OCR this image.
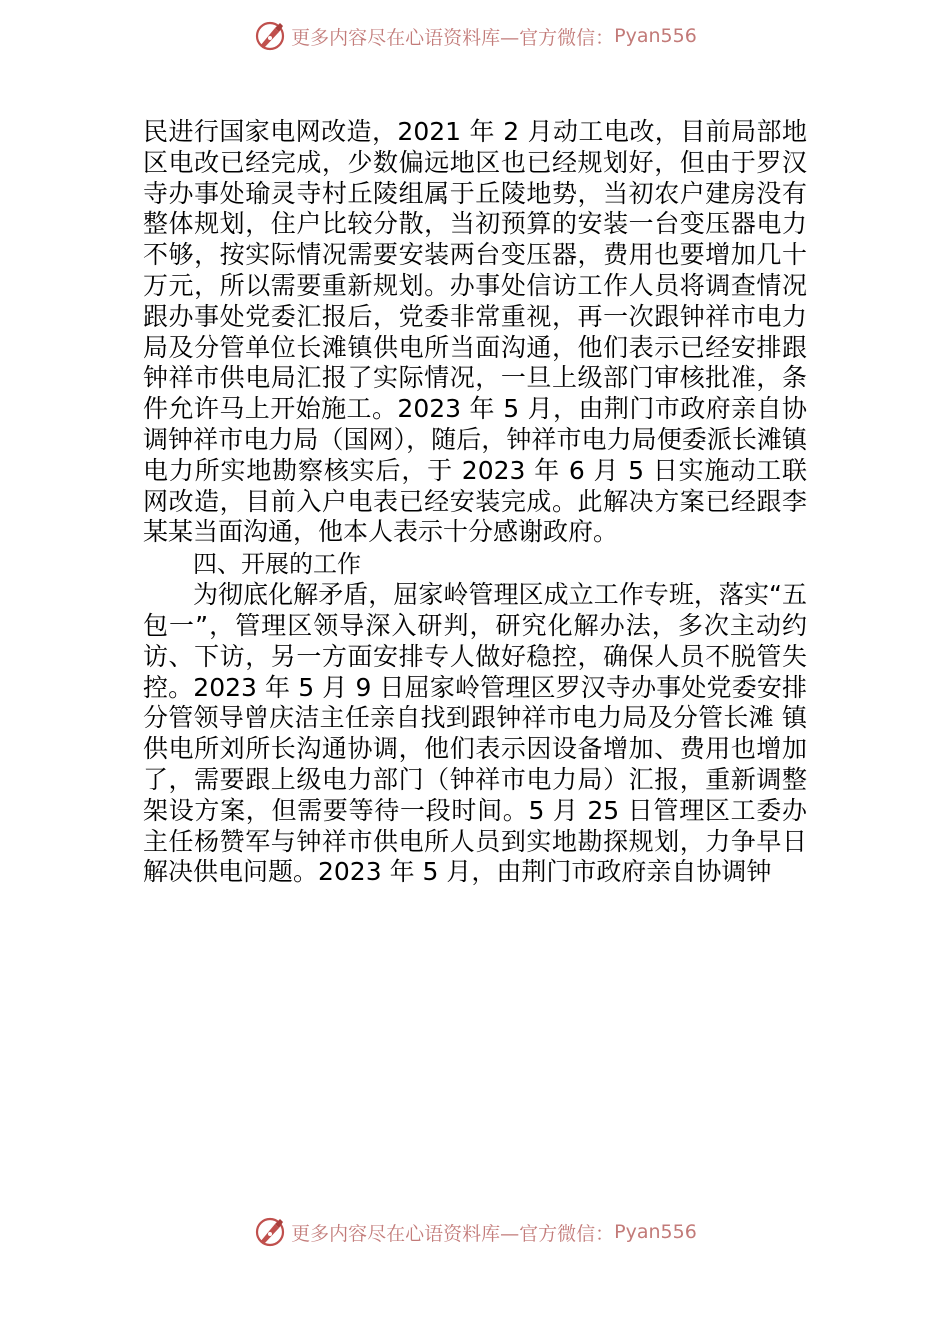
更多内容尽在心语资料库—官方微信： Pyan556

民进行国家电网改造，2021 年 2 月动工电改，目前局部地区电改已经完成，少数偏远地区也已经规划好，但由于罗汉寺办事处瑜灵寺村丘陵组属于丘陵地势，当初农户建房没有整体规划，住户比较分散，当初预算的安装一台变压器电力不够，按实际情况需要安装两台变压器，费用也要增加几十万元，所以需要重新规划。办事处信访工作人员将调查情况跟办事处党委汇报后，党委非常重视，再一次跟钟祥市电力局及分管单位长滩镇供电所当面沟通，他们表示已经安排跟钟祥市供电局汇报了实际情况，一旦上级部门审核批准，条件允许马上开始施工。2023 年 5 月，由荆门市政府亲自协调钟祥市电力局（国网），随后，钟祥市电力局便委派长滩镇电力所实地勘察核实后，于 2023 年 6 月 5 日实施动工联网改造，目前入户电表已经安装完成。此解决方案已经跟李某某当面沟通，他本人表示十分感谢政府。

四、开展的工作

为彻底化解矛盾，屈家岭管理区成立工作专班，落实“五包一”，管理区领导深入研判，研究化解办法，多次主动约访、下访，另一方面安排专人做好稳控，确保人员不脱管失控。2023 年 5 月 9 日屈家岭管理区罗汉寺办事处党委安排分管领导曾庆洁主任亲自找到跟钟祥市电力局及分管长滩 镇供电所刘所长沟通协调，他们表示因设备增加、费用也增加了，需要跟上级电力部门（钟祥市电力局）汇报，重新调整架设方案，但需要等待一段时间。5 月 25 日管理区工委办主任杨赞军与钟祥市供电所人员到实地勘探规划，力争早日解决供电问题。2023 年 5 月，由荆门市政府亲自协调钟

更多内容尽在心语资料库—官方微信： Pyan556
